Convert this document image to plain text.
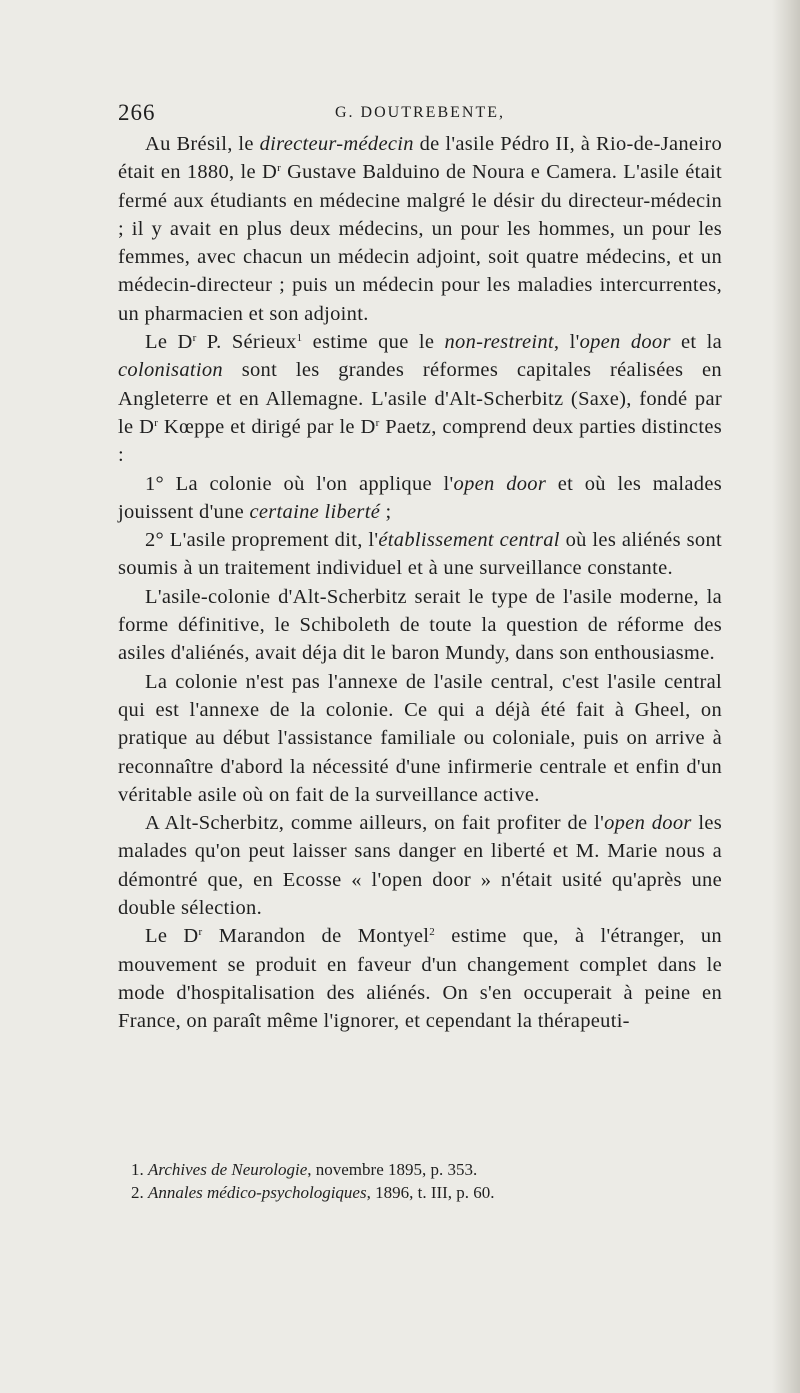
266	G. DOUTREBENTE,

Au Brésil, le directeur-médecin de l'asile Pédro II, à Rio-de-Janeiro était en 1880, le $D^r$ Gustave Balduino de Noura e Camera. L'asile était fermé aux étudiants en médecine malgré le désir du directeur-médecin ; il y avait en plus deux médecins, un pour les hommes, un pour les femmes, avec chacun un médecin adjoint, soit quatre médecins, et un médecin-directeur ; puis un médecin pour les maladies intercurrentes, un pharmacien et son adjoint.

Le $D^r$ P. Sérieux$^1$ estime que le non-restreint, l'open door et la colonisation sont les grandes réformes capitales réalisées en Angleterre et en Allemagne. L'asile d'Alt-Scherbitz (Saxe), fondé par le $D^r$ Kœppe et dirigé par le $D^r$ Paetz, comprend deux parties distinctes :

1° La colonie où l'on applique l'open door et où les malades jouissent d'une certaine liberté ;

2° L'asile proprement dit, l'établissement central où les aliénés sont soumis à un traitement individuel et à une surveillance constante.

L'asile-colonie d'Alt-Scherbitz serait le type de l'asile moderne, la forme définitive, le Schiboleth de toute la question de réforme des asiles d'aliénés, avait déja dit le baron Mundy, dans son enthousiasme.

La colonie n'est pas l'annexe de l'asile central, c'est l'asile central qui est l'annexe de la colonie. Ce qui a déjà été fait à Gheel, on pratique au début l'assistance familiale ou coloniale, puis on arrive à reconnaître d'abord la nécessité d'une infirmerie centrale et enfin d'un véritable asile où on fait de la surveillance active.

A Alt-Scherbitz, comme ailleurs, on fait profiter de l'open door les malades qu'on peut laisser sans danger en liberté et M. Marie nous a démontré que, en Ecosse « l'open door » n'était usité qu'après une double sélection.

Le $D^r$ Marandon de Montyel$^2$ estime que, à l'étranger, un mouvement se produit en faveur d'un changement complet dans le mode d'hospitalisation des aliénés. On s'en occuperait à peine en France, on paraît même l'ignorer, et cependant la thérapeuti-

1. Archives de Neurologie, novembre 1895, p. 353.

2. Annales médico-psychologiques, 1896, t. III, p. 60.
